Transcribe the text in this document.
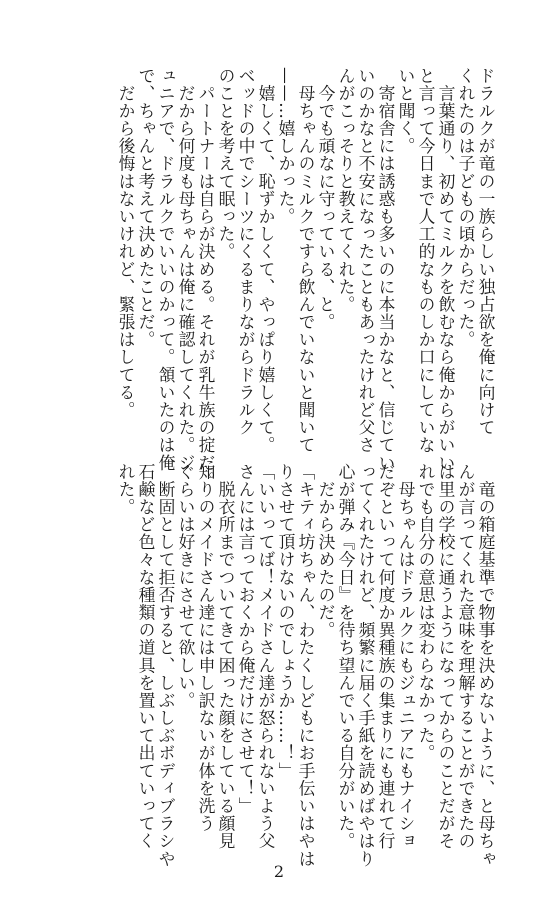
ドラルクが竜の一族らしい独占欲を俺に向けて
くれたのは子どもの頃からだった。
　言葉通り、初めてミルクを飲むなら俺からがいい
と言って今日まで人工的なものしか口にしていな
いと聞く。
　寄宿舎には誘惑も多いのに本当かなと、信じてい
いのかなと不安になったこともあったけれど父さ
んがこっそりと教えてくれた。
　今でも頑なに守っている、と。
　母ちゃんのミルクですら飲んでいないと聞いて
——…嬉しかった。
　嬉しくて、恥ずかしくて、やっぱり嬉しくて。
ベッドの中でシーツにくるまりながらドラルク
のことを考えて眠った。
　パートナーは自らが決める。それが乳牛族の掟だ。
　だから何度も母ちゃんは俺に確認してくれた。ジ
ュニアで、ドラルクでいいのかって。頷いたのは俺
で、ちゃんと考えて決めたことだ。
　だから後悔はないけれど、緊張はしてる。
　竜の箱庭基準で物事を決めないように、と母ちゃ
んが言ってくれた意味を理解することができたの
は里の学校に通うようになってからのことだがそ
れでも自分の意思は変わらなかった。
　母ちゃんはドラルクにもジュニアにもナイショ
だぞといって何度か異種族の集まりにも連れて行
ってくれたけれど、頻繁に届く手紙を読めばやはり
心が弾み『今日』を待ち望んでいる自分がいた。
　だから決めたのだ。
「キティ坊ちゃん、わたくしどもにお手伝いはやは
りさせて頂けないのでしょうか……！」
「いいってば！メイドさん達が怒られないよう父
さんには言っておくから俺だけにさせて！」
　脱衣所までついてきて困った顔をしている顔見
知りのメイドさん達には申し訳ないが体を洗う
ぐらいは好きにさせて欲しい。
　断固として拒否すると、しぶしぶボディブラシや
石鹸など色々な種類の道具を置いて出ていってく
れた。
2
